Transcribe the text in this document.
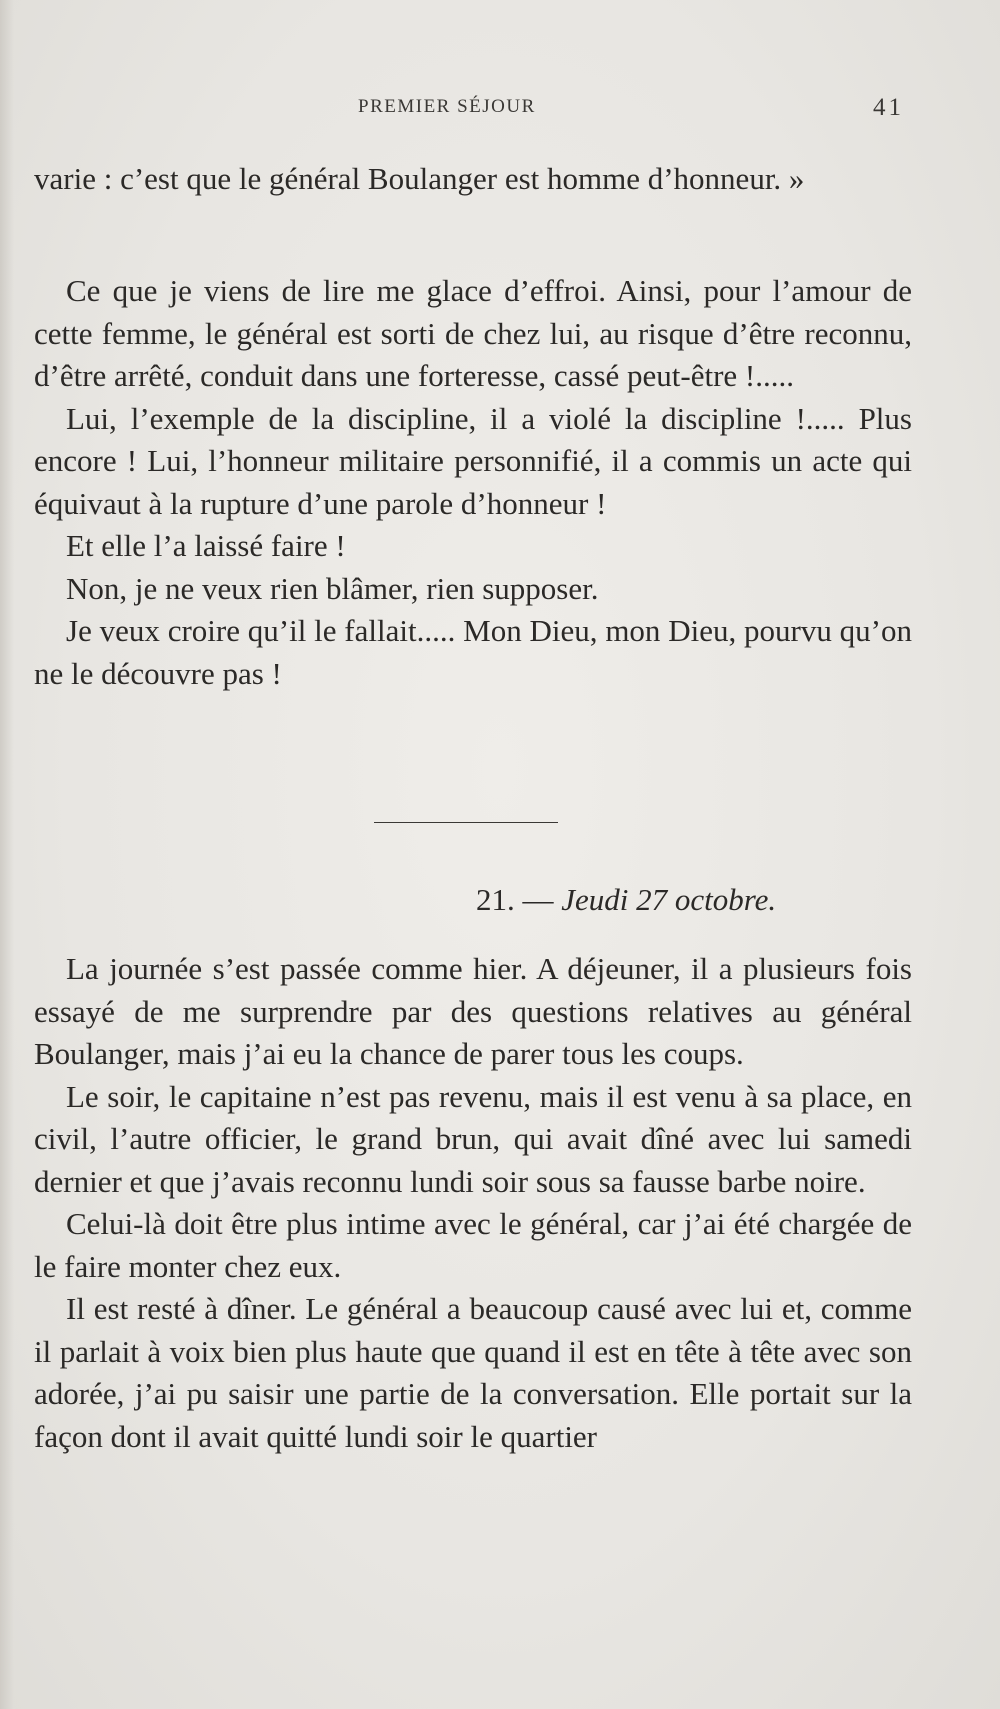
PREMIER SÉJOUR	41

varie : c’est que le général Boulanger est homme d’honneur. »

Ce que je viens de lire me glace d’effroi. Ainsi, pour l’amour de cette femme, le général est sorti de chez lui, au risque d’être reconnu, d’être arrêté, conduit dans une forteresse, cassé peut-être !.....

Lui, l’exemple de la discipline, il a violé la discipline !..... Plus encore ! Lui, l’honneur militaire personnifié, il a commis un acte qui équivaut à la rupture d’une parole d’honneur !

Et elle l’a laissé faire !

Non, je ne veux rien blâmer, rien supposer.

Je veux croire qu’il le fallait..... Mon Dieu, mon Dieu, pourvu qu’on ne le découvre pas !

21. — Jeudi 27 octobre.

La journée s’est passée comme hier. A déjeuner, il a plusieurs fois essayé de me surprendre par des questions relatives au général Boulanger, mais j’ai eu la chance de parer tous les coups.

Le soir, le capitaine n’est pas revenu, mais il est venu à sa place, en civil, l’autre officier, le grand brun, qui avait dîné avec lui samedi dernier et que j’avais reconnu lundi soir sous sa fausse barbe noire.

Celui-là doit être plus intime avec le général, car j’ai été chargée de le faire monter chez eux.

Il est resté à dîner. Le général a beaucoup causé avec lui et, comme il parlait à voix bien plus haute que quand il est en tête à tête avec son adorée, j’ai pu saisir une partie de la conversation. Elle portait sur la façon dont il avait quitté lundi soir le quartier
